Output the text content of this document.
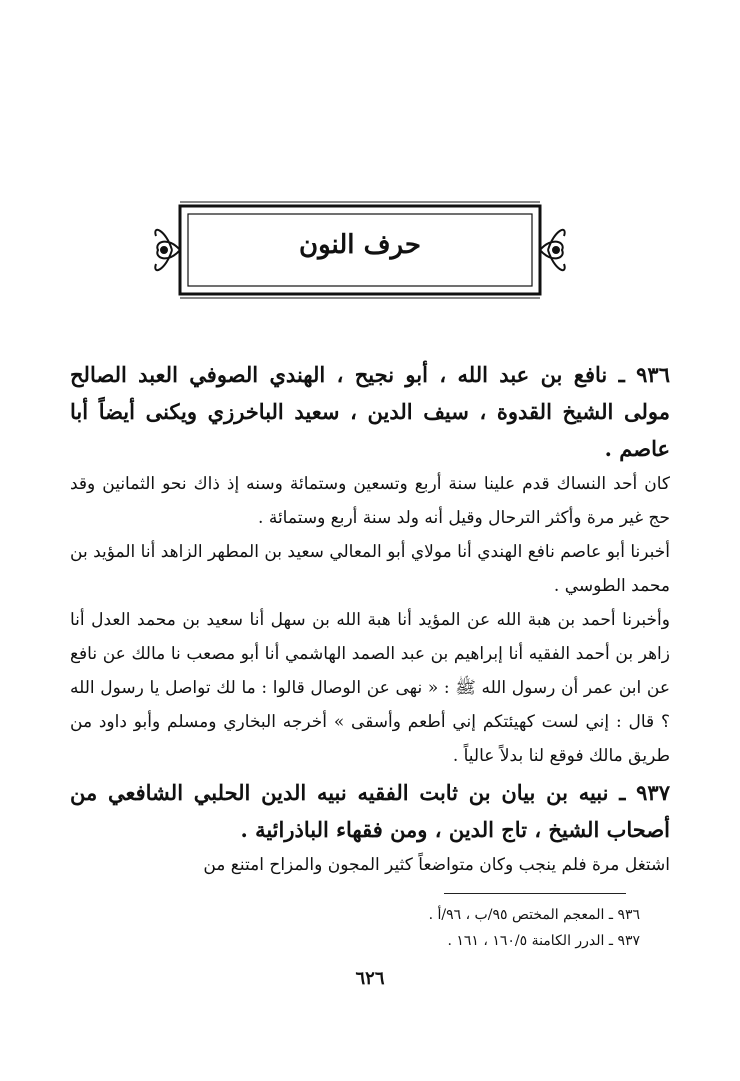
حرف النون

٩٣٦ ـ نافع بن عبد الله ، أبو نجيح ، الهندي الصوفي العبد الصالح مولى الشيخ القدوة ، سيف الدين ، سعيد الباخرزي ويكنى أيضاً أبا عاصم .

كان أحد النساك قدم علينا سنة أربع وتسعين وستمائة وسنه إذ ذاك نحو الثمانين وقد حج غير مرة وأكثر الترحال وقيل أنه ولد سنة أربع وستمائة .

أخبرنا أبو عاصم نافع الهندي أنا مولاي أبو المعالي سعيد بن المطهر الزاهد أنا المؤيد بن محمد الطوسي .

وأخبرنا أحمد بن هبة الله عن المؤيد أنا هبة الله بن سهل أنا سعيد بن محمد العدل أنا زاهر بن أحمد الفقيه أنا إبراهيم بن عبد الصمد الهاشمي أنا أبو مصعب نا مالك عن نافع عن ابن عمر أن رسول الله ﷺ : « نهى عن الوصال قالوا : ما لك تواصل يا رسول الله ؟ قال : إني لست كهيئتكم إني أطعم وأسقى » أخرجه البخاري ومسلم وأبو داود من طريق مالك فوقع لنا بدلاً عالياً .

٩٣٧ ـ نبيه بن بيان بن ثابت الفقيه نبيه الدين الحلبي الشافعي من أصحاب الشيخ ، تاج الدين ، ومن فقهاء الباذرائية .

اشتغل مرة فلم ينجب وكان متواضعاً كثير المجون والمزاح امتنع من

٩٣٦ ـ المعجم المختص ٩٥/ب ، ٩٦/أ .

٩٣٧ ـ الدرر الكامنة ١٦٠/٥ ، ١٦١ .

٦٢٦
